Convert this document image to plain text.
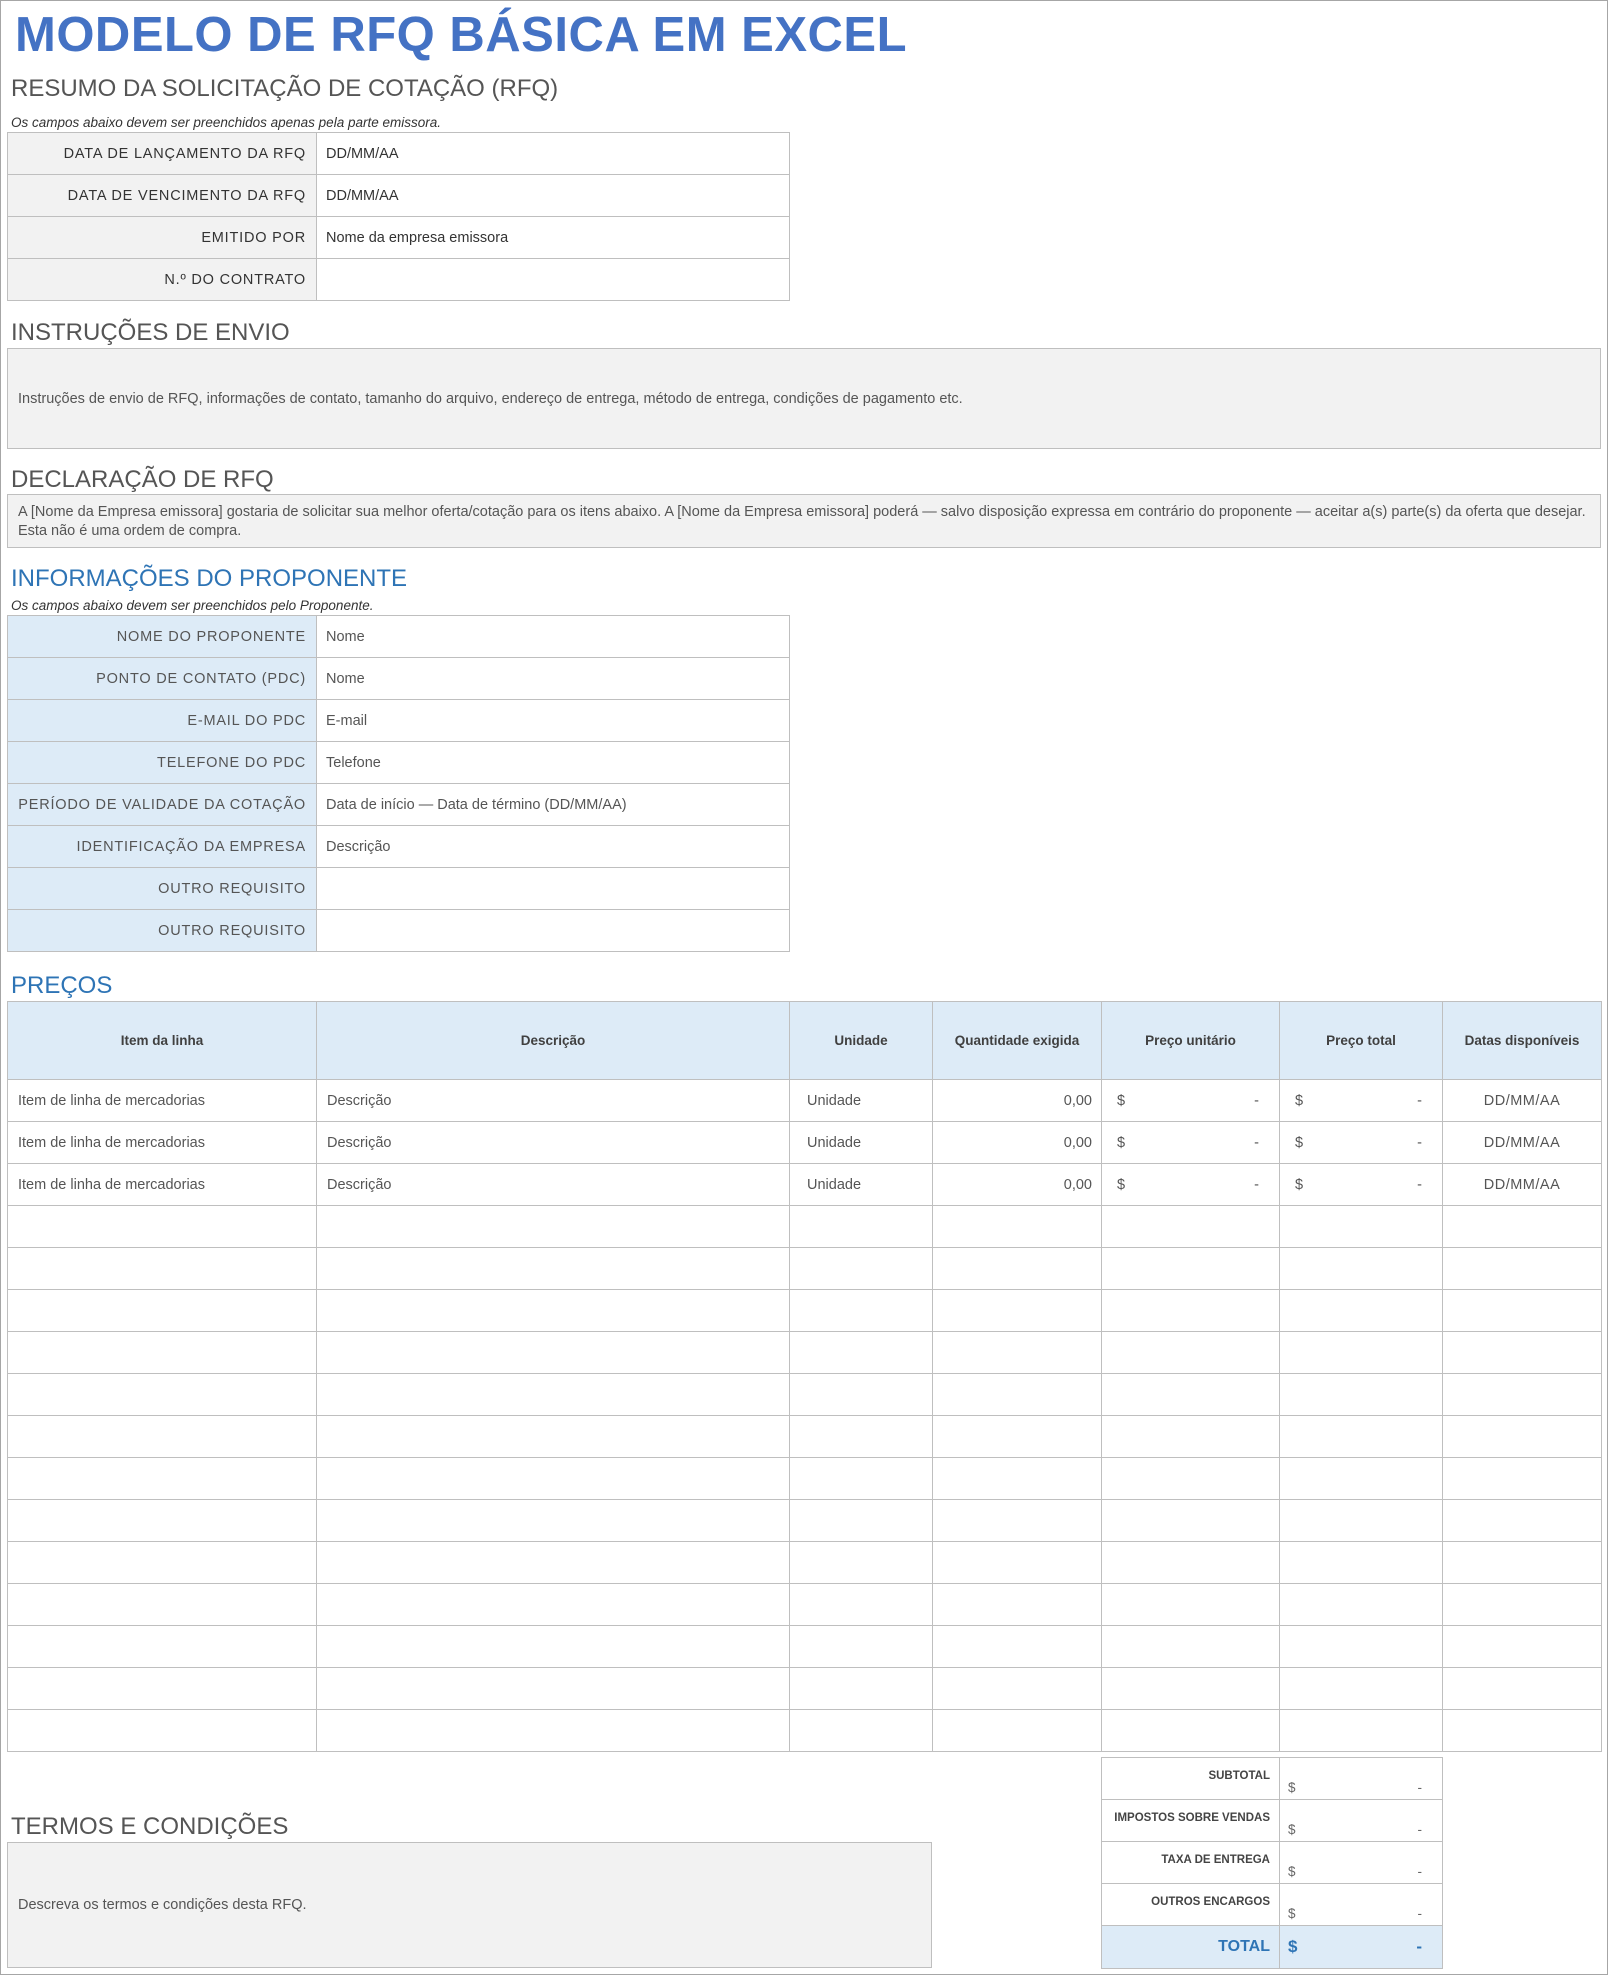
MODELO DE RFQ BÁSICA EM EXCEL
RESUMO DA SOLICITAÇÃO DE COTAÇÃO (RFQ)
Os campos abaixo devem ser preenchidos apenas pela parte emissora.
DATA DE LANÇAMENTO DA RFQ	DD/MM/AA
DATA DE VENCIMENTO DA RFQ	DD/MM/AA
EMITIDO POR	Nome da empresa emissora
N.º DO CONTRATO	
INSTRUÇÕES DE ENVIO
Instruções de envio de RFQ, informações de contato, tamanho do arquivo, endereço de entrega, método de entrega, condições de pagamento etc.
DECLARAÇÃO DE RFQ
A [Nome da Empresa emissora] gostaria de solicitar sua melhor oferta/cotação para os itens abaixo. A [Nome da Empresa emissora] poderá — salvo disposição expressa em contrário do proponente — aceitar a(s) parte(s) da oferta que desejar. Esta não é uma ordem de compra.
INFORMAÇÕES DO PROPONENTE
Os campos abaixo devem ser preenchidos pelo Proponente.
NOME DO PROPONENTE	Nome
PONTO DE CONTATO (PDC)	Nome
E-MAIL DO PDC	E-mail
TELEFONE DO PDC	Telefone
PERÍODO DE VALIDADE DA COTAÇÃO	Data de início — Data de término (DD/MM/AA)
IDENTIFICAÇÃO DA EMPRESA	Descrição
OUTRO REQUISITO	
OUTRO REQUISITO	
PREÇOS
Item da linha	Descrição	Unidade	Quantidade exigida	Preço unitário	Preço total	Datas disponíveis
Item de linha de mercadorias	Descrição	Unidade	0,00	$ -	$ -	DD/MM/AA
Item de linha de mercadorias	Descrição	Unidade	0,00	$ -	$ -	DD/MM/AA
Item de linha de mercadorias	Descrição	Unidade	0,00	$ -	$ -	DD/MM/AA

TERMOS E CONDIÇÕES
Descreva os termos e condições desta RFQ.
SUBTOTAL	$ -

IMPOSTOS SOBRE VENDAS	$ -

TAXA DE ENTREGA	$ -

OUTROS ENCARGOS	$ -

TOTAL	$ -
